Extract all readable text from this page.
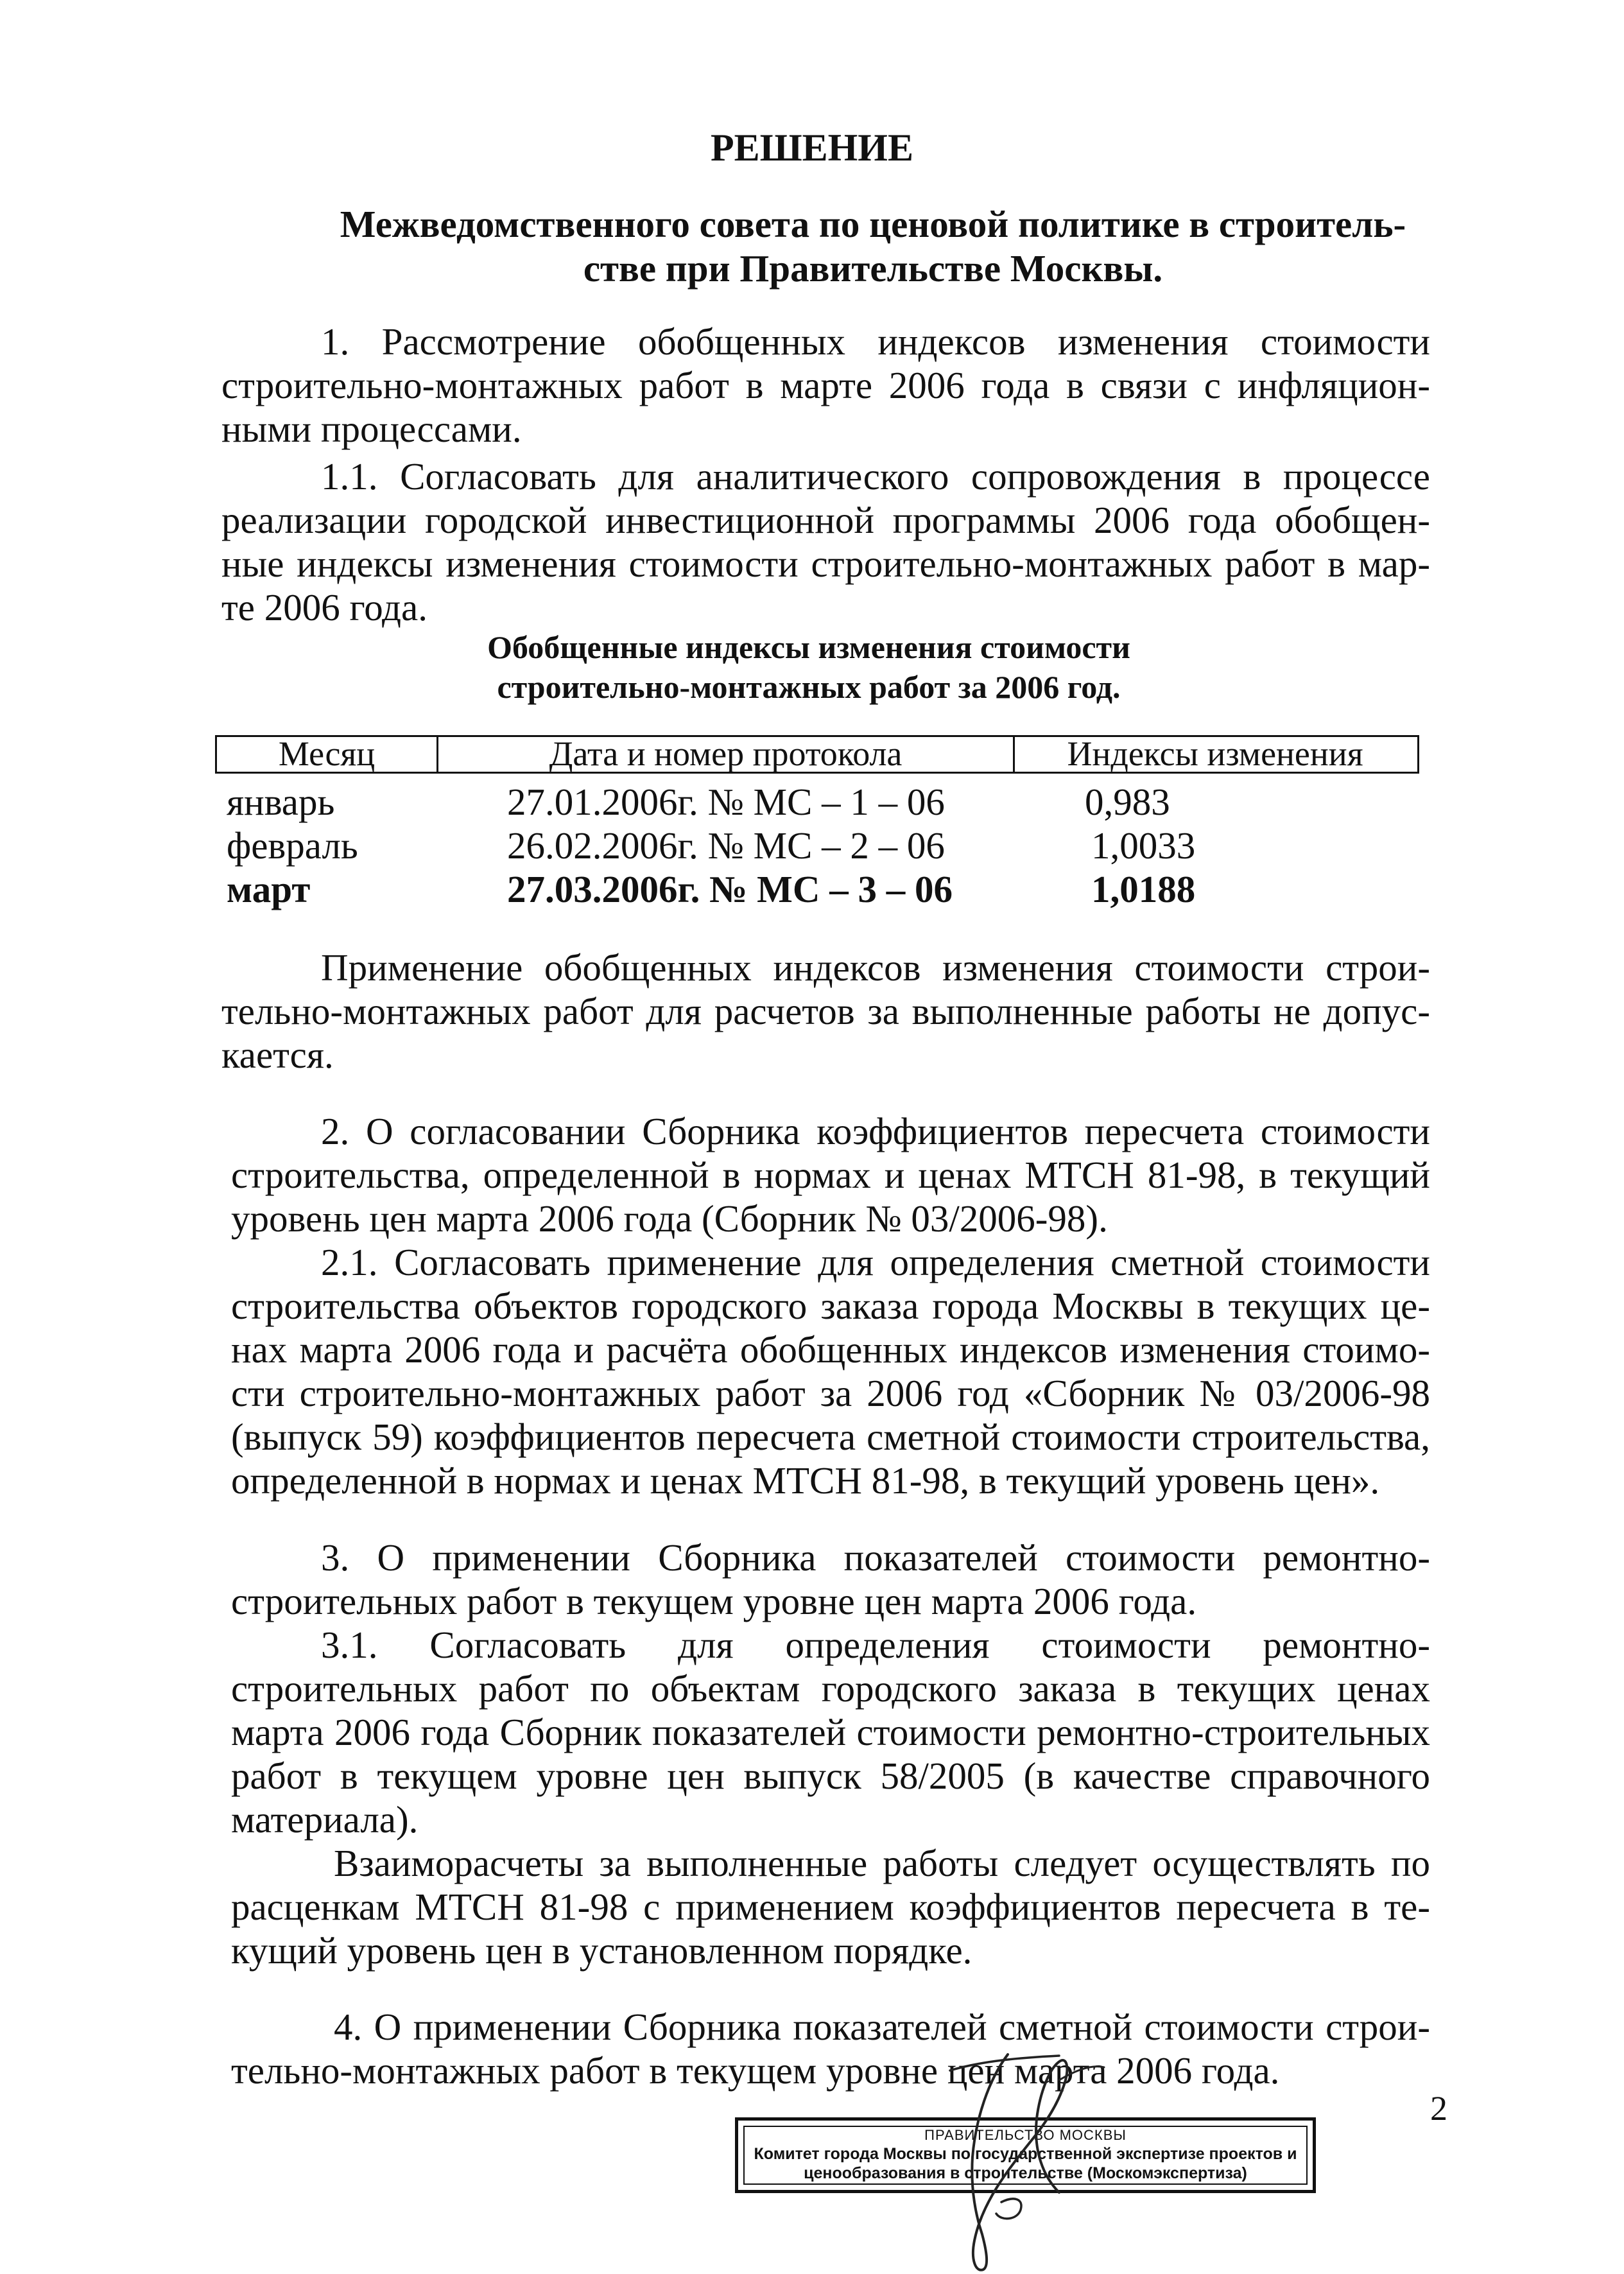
РЕШЕНИЕ
Межведомственного совета по ценовой политике в строитель-
стве при Правительстве Москвы.
1. Рассмотрение обобщенных индексов изменения стоимости
строительно-монтажных работ в марте 2006 года в связи с инфляцион-
ными процессами.
1.1. Согласовать для аналитического сопровождения в процессе
реализации городской инвестиционной программы 2006 года обобщен-
ные индексы изменения стоимости строительно-монтажных работ в мар-
те 2006 года.
Обобщенные индексы изменения стоимости
строительно-монтажных работ за 2006 год.
Месяц	Дата и номер протокола	Индексы изменения
январь	27.01.2006г. № МС – 1 – 06	0,983
февраль	26.02.2006г. № МС – 2 – 06	1,0033
март	27.03.2006г. № МС – 3 – 06	1,0188
Применение обобщенных индексов изменения стоимости строи-
тельно-монтажных работ для расчетов за выполненные работы не допус-
кается.
2. О согласовании Сборника коэффициентов пересчета стоимости
строительства, определенной в нормах и ценах МТСН 81-98, в текущий
уровень цен марта 2006 года (Сборник № 03/2006-98).
2.1. Согласовать применение для определения сметной стоимости
строительства объектов городского заказа города Москвы в текущих це-
нах марта 2006 года и расчёта обобщенных индексов изменения стоимо-
сти строительно-монтажных работ за 2006 год «Сборник № 03/2006-98
(выпуск 59) коэффициентов пересчета сметной стоимости строительства,
определенной в нормах и ценах МТСН 81-98, в текущий уровень цен».
3. О применении Сборника показателей стоимости ремонтно-
строительных работ в текущем уровне цен марта 2006 года.
3.1. Согласовать для определения стоимости ремонтно-
строительных работ по объектам городского заказа в текущих ценах
марта 2006 года Сборник показателей стоимости ремонтно-строительных
работ в текущем уровне цен выпуск 58/2005 (в качестве справочного
материала).
Взаиморасчеты за выполненные работы следует осуществлять по
расценкам МТСН 81-98 с применением коэффициентов пересчета в те-
кущий уровень цен в установленном порядке.
4. О применении Сборника показателей сметной стоимости строи-
тельно-монтажных работ в текущем уровне цен марта 2006 года.
2
ПРАВИТЕЛЬСТВО МОСКВЫ
Комитет города Москвы по государственной экспертизе проектов и
ценообразования в строительстве (Москомэкспертиза)
